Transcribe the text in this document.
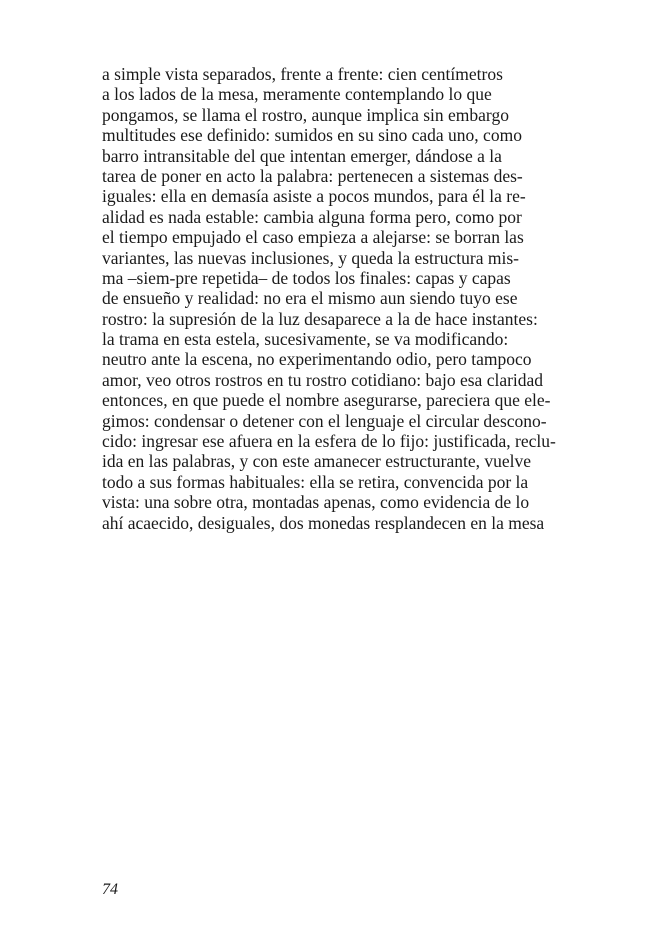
a simple vista separados, frente a frente: cien centímetros
a los lados de la mesa, meramente contemplando lo que
pongamos, se llama el rostro, aunque implica sin embargo
multitudes ese definido: sumidos en su sino cada uno, como
barro intransitable del que intentan emerger, dándose a la
tarea de poner en acto la palabra: pertenecen a sistemas des-
iguales: ella en demasía asiste a pocos mundos, para él la re-
alidad es nada estable: cambia alguna forma pero, como por
el tiempo empujado el caso empieza a alejarse: se borran las
variantes, las nuevas inclusiones, y queda la estructura mis-
ma –siem-pre repetida– de todos los finales: capas y capas
de ensueño y realidad: no era el mismo aun siendo tuyo ese
rostro: la supresión de la luz desaparece a la de hace instantes:
la trama en esta estela, sucesivamente, se va modificando:
neutro ante la escena, no experimentando odio, pero tampoco
amor, veo otros rostros en tu rostro cotidiano: bajo esa claridad
entonces, en que puede el nombre asegurarse, pareciera que ele-
gimos: condensar o detener con el lenguaje el circular descono-
cido: ingresar ese afuera en la esfera de lo fijo: justificada, reclu-
ida en las palabras, y con este amanecer estructurante, vuelve
todo a sus formas habituales: ella se retira, convencida por la
vista: una sobre otra, montadas apenas, como evidencia de lo
ahí acaecido, desiguales, dos monedas resplandecen en la mesa
74
